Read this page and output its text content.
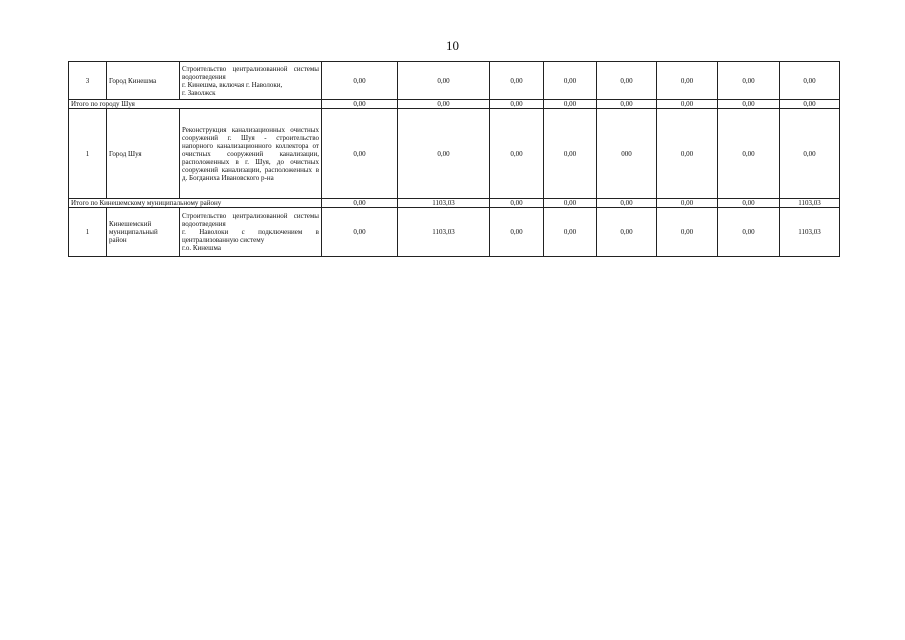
10
3	Город Кинешма	Строительство централизованной системы водоотведения
г. Кинешма, включая г. Наволоки,
г. Заволжск	0,00	0,00	0,00	0,00	0,00	0,00	0,00	0,00
Итого по городу Шуя			0,00	0,00	0,00	0,00	0,00	0,00	0,00	0,00
1	Город Шуя	Реконструкция канализационных очистных сооружений г. Шуя - строительство напорного канализационного коллектора от очистных сооружений канализации, расположенных в г. Шуя, до очистных сооружений канализации, расположенных в д. Богданиха Ивановского р-на	0,00	0,00	0,00	0,00	000	0,00	0,00	0,00
Итого по Кинешемскому муниципальному району			0,00	1103,03	0,00	0,00	0,00	0,00	0,00	1103,03
1	Кинешемский муниципальный район	Строительство централизованной системы водоотведения
г. Наволоки с подключением в централизованную систему
г.о. Кинешма	0,00	1103,03	0,00	0,00	0,00	0,00	0,00	1103,03
